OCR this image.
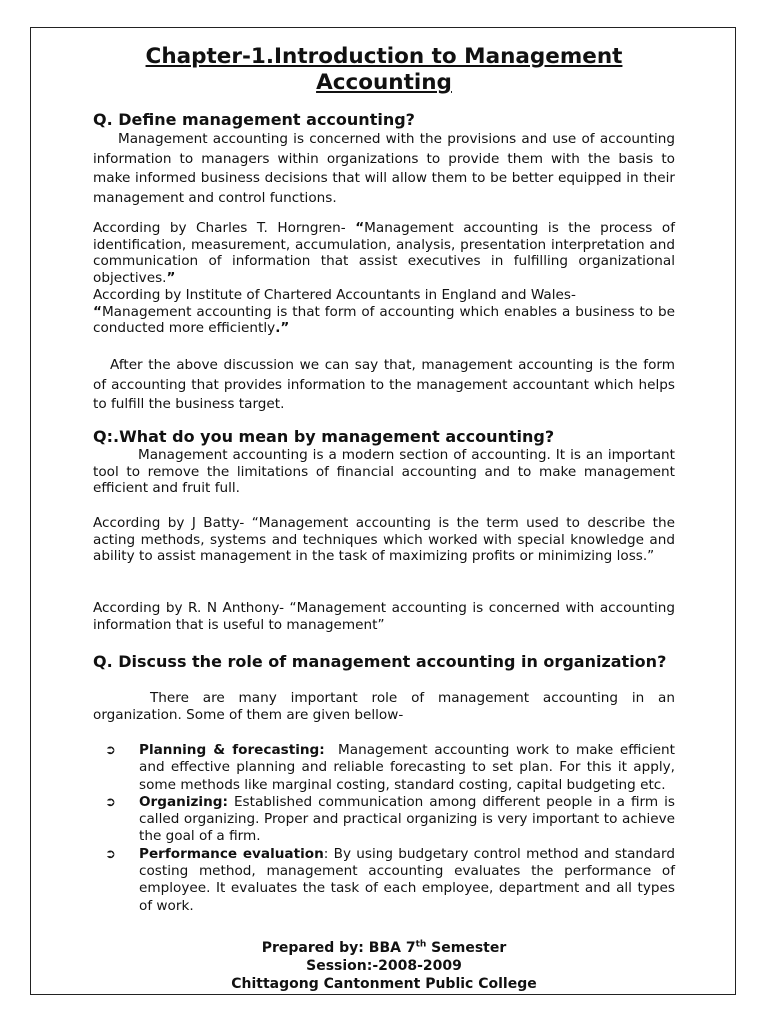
Chapter-1.Introduction to Management Accounting
Q. Define management accounting?

Management accounting is concerned with the provisions and use of accounting information to managers within organizations to provide them with the basis to make informed business decisions that will allow them to be better equipped in their management and control functions.

According by Charles T. Horngren- “Management accounting is the process of identification, measurement, accumulation, analysis, presentation interpretation and communication of information that assist executives in fulfilling organizational objectives.”
According by Institute of Chartered Accountants in England and Wales-
“Management accounting is that form of accounting which enables a business to be conducted more efficiently.”

After the above discussion we can say that, management accounting is the form of accounting that provides information to the management accountant which helps to fulfill the business target.

Q:.What do you mean by management accounting?

Management accounting is a modern section of accounting. It is an important tool to remove the limitations of financial accounting and to make management efficient and fruit full.

According by J Batty- “Management accounting is the term used to describe the acting methods, systems and techniques which worked with special knowledge and ability to assist management in the task of maximizing profits or minimizing loss.”

According by R. N Anthony- “Management accounting is concerned with accounting information that is useful to management”

Q. Discuss the role of management accounting in organization?

There are many important role of management accounting in an organization. Some of them are given bellow-

➲ Planning & forecasting: Management accounting work to make efficient and effective planning and reliable forecasting to set plan. For this it apply, some methods like marginal costing, standard costing, capital budgeting etc.
➲ Organizing: Established communication among different people in a firm is called organizing. Proper and practical organizing is very important to achieve the goal of a firm.
➲ Performance evaluation: By using budgetary control method and standard costing method, management accounting evaluates the performance of employee. It evaluates the task of each employee, department and all types of work.
Prepared by: BBA 7th Semester
Session:-2008-2009
Chittagong Cantonment Public College
